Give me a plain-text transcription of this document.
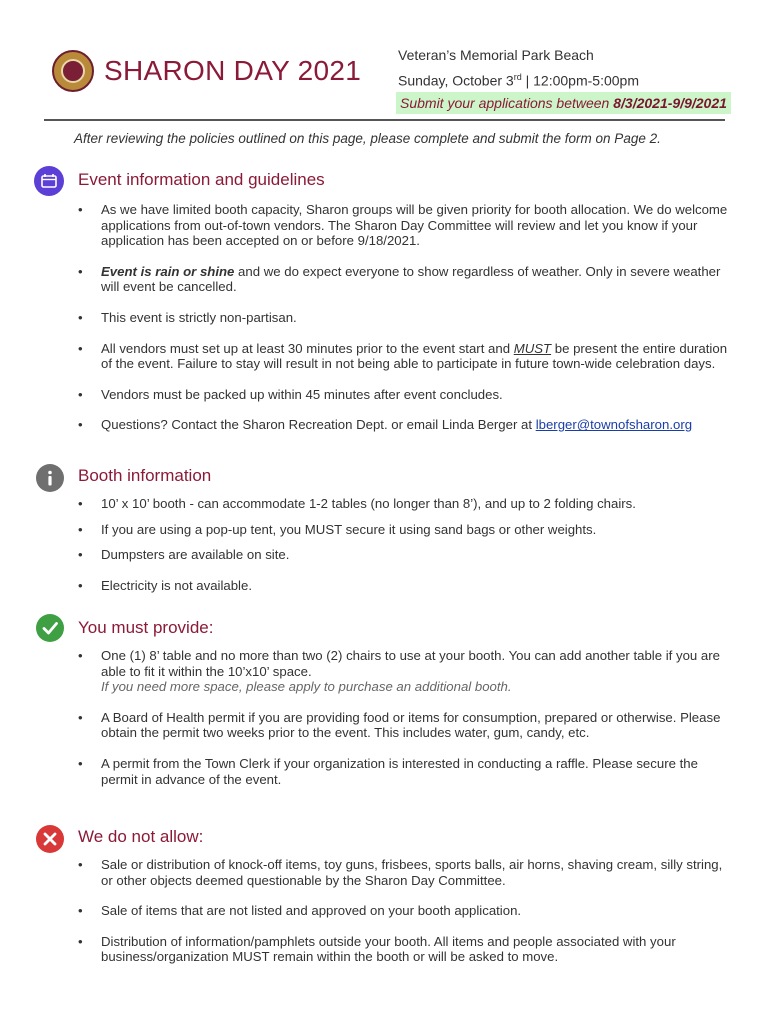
SHARON DAY 2021	Veteran’s Memorial Park Beach
Sunday, October 3rd | 12:00pm-5:00pm
Submit your applications between 8/3/2021-9/9/2021
After reviewing the policies outlined on this page, please complete and submit the form on Page 2.
Event information and guidelines
• As we have limited booth capacity, Sharon groups will be given priority for booth allocation. We do welcome applications from out-of-town vendors. The Sharon Day Committee will review and let you know if your application has been accepted on or before 9/18/2021.
• Event is rain or shine and we do expect everyone to show regardless of weather. Only in severe weather will event be cancelled.
• This event is strictly non-partisan.
• All vendors must set up at least 30 minutes prior to the event start and MUST be present the entire duration of the event. Failure to stay will result in not being able to participate in future town-wide celebration days.
• Vendors must be packed up within 45 minutes after event concludes.
• Questions? Contact the Sharon Recreation Dept. or email Linda Berger at lberger@townofsharon.org
Booth information
• 10’ x 10’ booth - can accommodate 1-2 tables (no longer than 8’), and up to 2 folding chairs.
• If you are using a pop-up tent, you MUST secure it using sand bags or other weights.
• Dumpsters are available on site.
• Electricity is not available.
You must provide:
• One (1) 8’ table and no more than two (2) chairs to use at your booth. You can add another table if you are able to fit it within the 10’x10’ space.
If you need more space, please apply to purchase an additional booth.
• A Board of Health permit if you are providing food or items for consumption, prepared or otherwise. Please obtain the permit two weeks prior to the event. This includes water, gum, candy, etc.
• A permit from the Town Clerk if your organization is interested in conducting a raffle. Please secure the permit in advance of the event.
We do not allow:
• Sale or distribution of knock-off items, toy guns, frisbees, sports balls, air horns, shaving cream, silly string, or other objects deemed questionable by the Sharon Day Committee.
• Sale of items that are not listed and approved on your booth application.
• Distribution of information/pamphlets outside your booth. All items and people associated with your business/organization MUST remain within the booth or will be asked to move.
